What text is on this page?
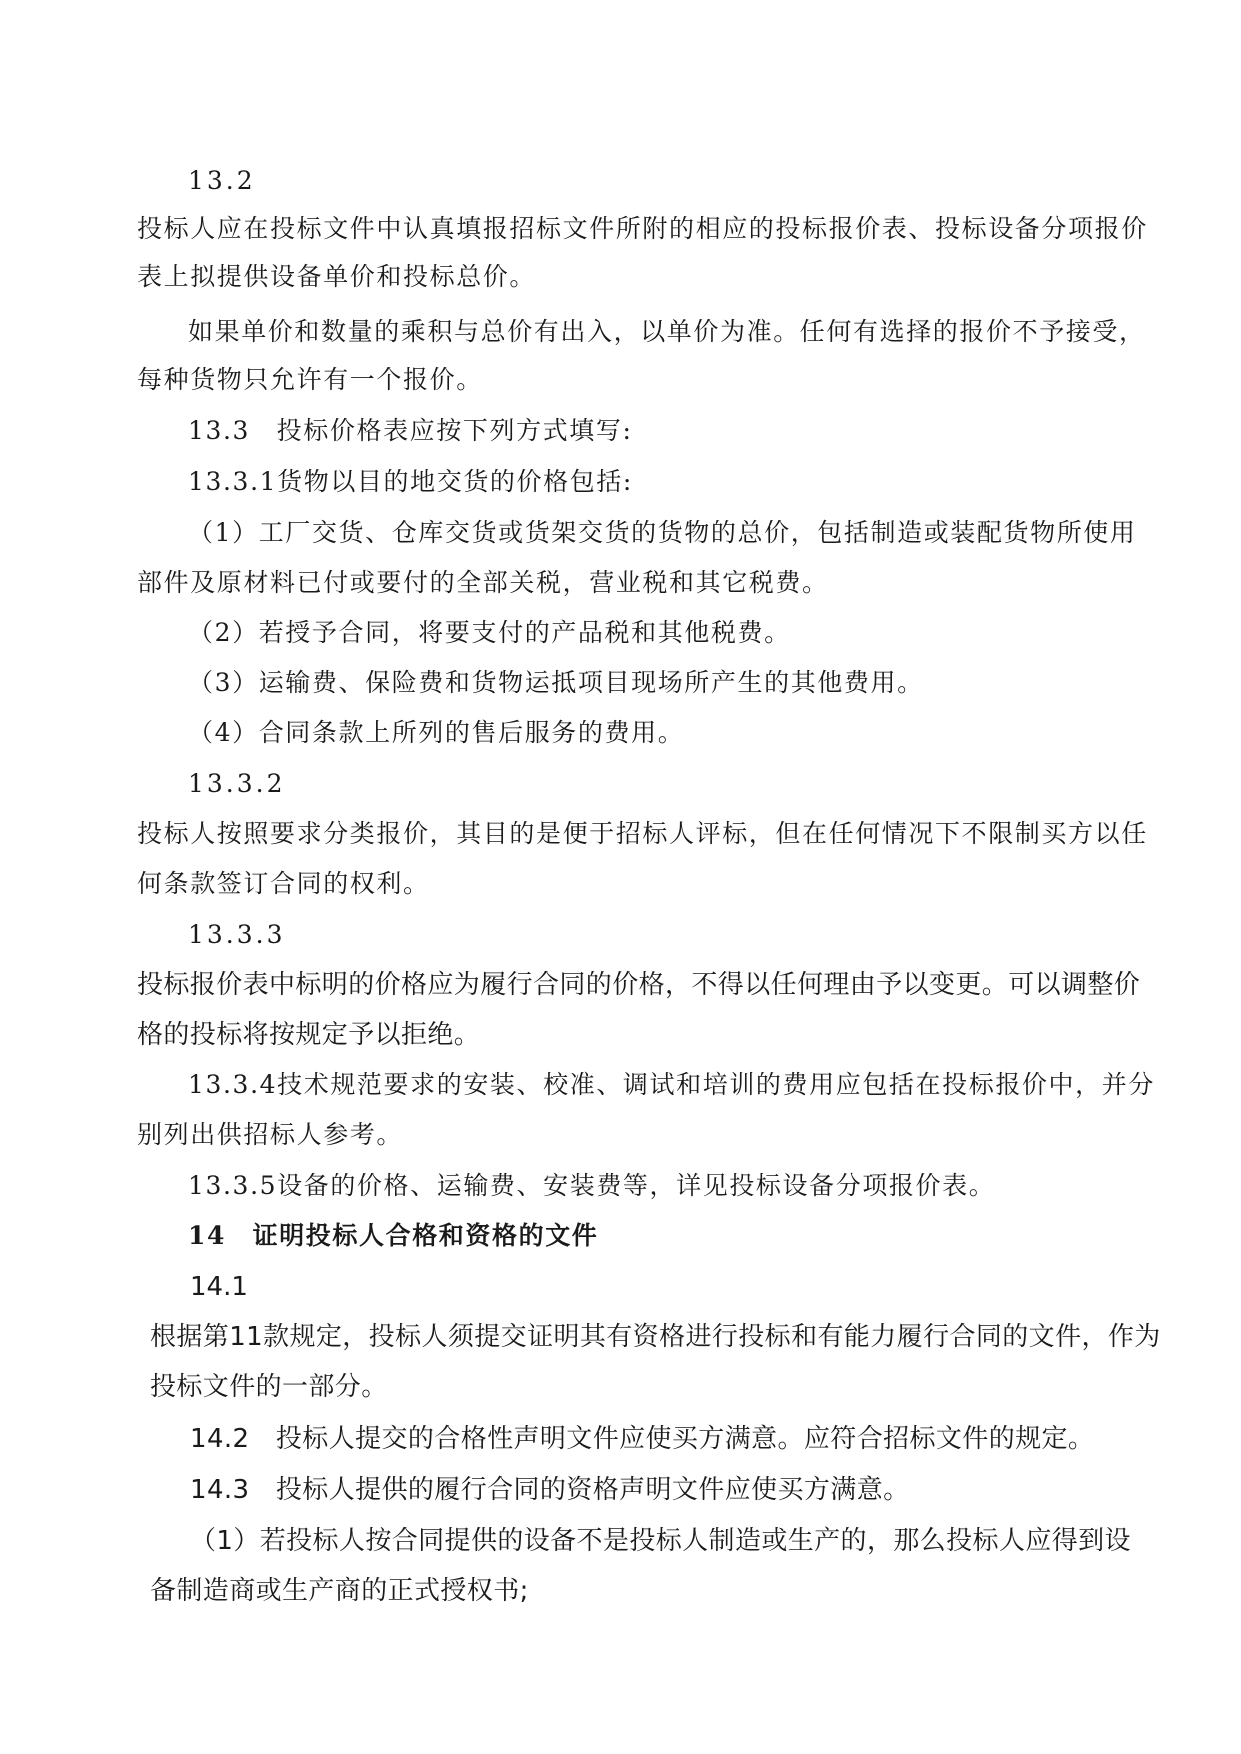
13.2
投标人应在投标文件中认真填报招标文件所附的相应的投标报价表、投标设备分项报价
表上拟提供设备单价和投标总价。
如果单价和数量的乘积与总价有出入，以单价为准。任何有选择的报价不予接受，
每种货物只允许有一个报价。
13.3　投标价格表应按下列方式填写:
13.3.1货物以目的地交货的价格包括:
（1）工厂交货、仓库交货或货架交货的货物的总价，包括制造或装配货物所使用
部件及原材料已付或要付的全部关税，营业税和其它税费。
（2）若授予合同，将要支付的产品税和其他税费。
（3）运输费、保险费和货物运抵项目现场所产生的其他费用。
（4）合同条款上所列的售后服务的费用。
13.3.2
投标人按照要求分类报价，其目的是便于招标人评标，但在任何情况下不限制买方以任
何条款签订合同的权利。
13.3.3
投标报价表中标明的价格应为履行合同的价格，不得以任何理由予以变更。可以调整价
格的投标将按规定予以拒绝。
13.3.4技术规范要求的安装、校准、调试和培训的费用应包括在投标报价中，并分
别列出供招标人参考。
13.3.5设备的价格、运输费、安装费等，详见投标设备分项报价表。
14　证明投标人合格和资格的文件
14.1
根据第11款规定，投标人须提交证明其有资格进行投标和有能力履行合同的文件，作为
投标文件的一部分。
14.2　投标人提交的合格性声明文件应使买方满意。应符合招标文件的规定。
14.3　投标人提供的履行合同的资格声明文件应使买方满意。
（1）若投标人按合同提供的设备不是投标人制造或生产的，那么投标人应得到设
备制造商或生产商的正式授权书;
